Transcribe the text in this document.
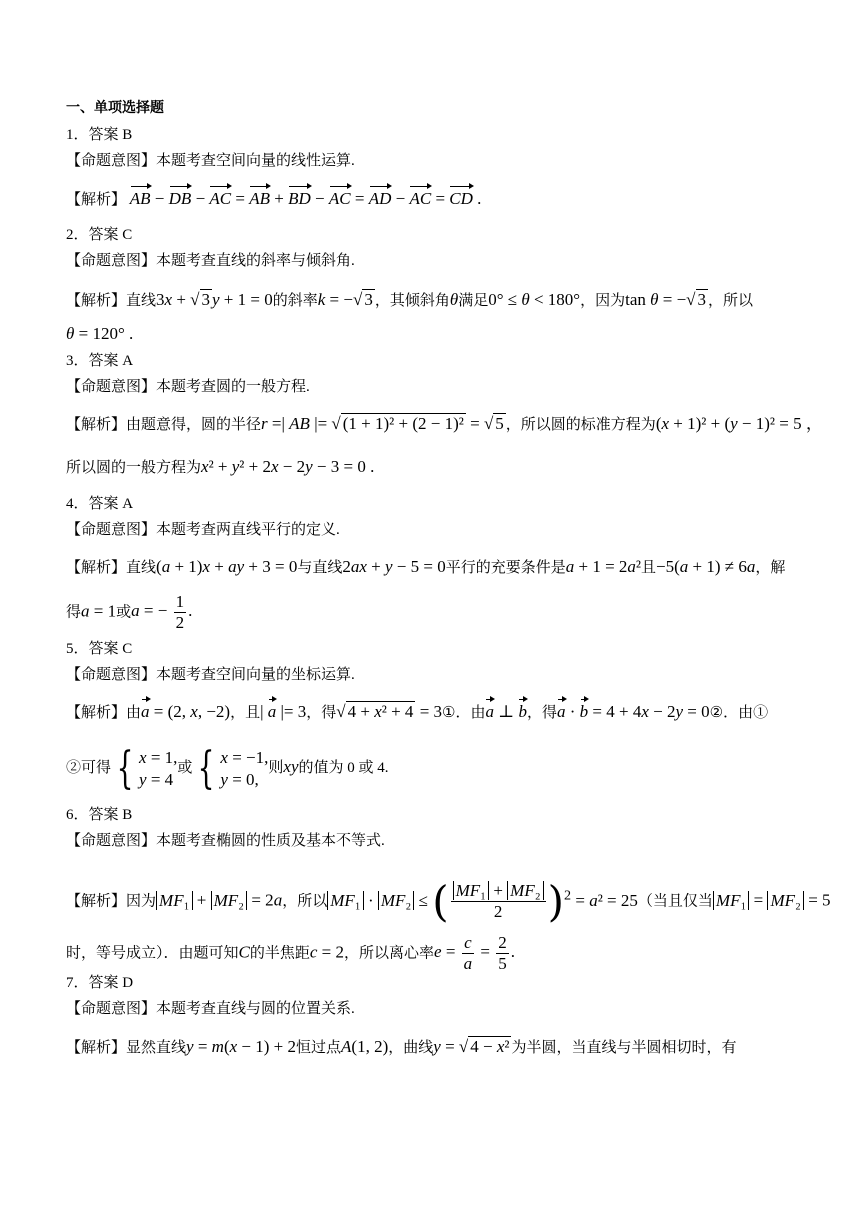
一、单项选择题
1．答案 B
【命题意图】本题考查空间向量的线性运算.
【解析】 AB − DB − AC = AB + BD − AC = AD − AC = CD .
2．答案 C
【命题意图】本题考查直线的斜率与倾斜角.
【解析】直线3x + √ 3 y + 1 = 0的斜率k = −√ 3 ，其倾斜角θ满足0° ≤ θ < 180°，因为tan θ = −√ 3 ，所以
θ = 120° .
3．答案 A
【命题意图】本题考查圆的一般方程.
【解析】由题意得，圆的半径r =| AB |= √ (1 + 1)² + (2 − 1)² = √ 5 ，所以圆的标准方程为(x + 1)² + (y − 1)² = 5 ，
所以圆的一般方程为x² + y² + 2x − 2y − 3 = 0 .
4．答案 A
【命题意图】本题考查两直线平行的定义.
【解析】直线(a + 1)x + ay + 3 = 0与直线2ax + y − 5 = 0平行的充要条件是a + 1 = 2a²且−5(a + 1) ≠ 6a，解
得a = 1或a = − $\frac{1}{2}$ .
5．答案 C
【命题意图】本题考查空间向量的坐标运算.
【解析】由a = (2, x, −2)，且| a |= 3，得√ 4 + x² + 4 = 3①．由a ⊥ b，得a · b = 4 + 4x − 2y = 0②．由①
②可得 { x = 1,
y = 4
或 { x = −1,
y = 0,
则xy的值为 0 或 4.
6．答案 B
【命题意图】本题考查椭圆的性质及基本不等式.
【解析】因为 MF₁ + MF₂ = 2a，所以 MF₁ · MF₂ ≤ ( $\frac{\text{MF₁ + MF₂}}{2} )^2 = a^2 = 25$（当且仅当 MF₁ = MF₂ = 5
时，等号成立）．由题可知C的半焦距c = 2，所以离心率$e = \frac{c}{a} = \frac{2}{5}$ .
7．答案 D
【命题意图】本题考查直线与圆的位置关系.
【解析】显然直线y = m(x − 1) + 2恒过点A(1, 2)，曲线y = √ 4 − x² 为半圆，当直线与半圆相切时，有
